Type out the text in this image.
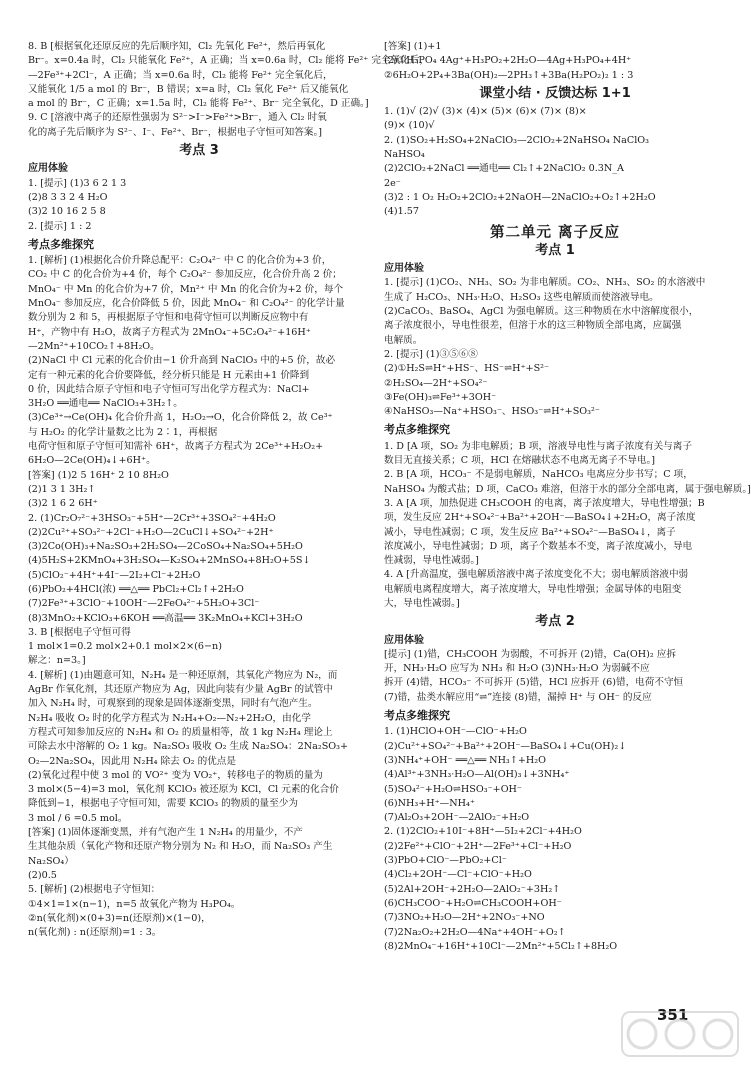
8. B [根据氧化还原反应的先后顺序知，Cl₂ 先氧化 Fe²⁺，然后再氧化
Br⁻。x=0.4a 时，Cl₂ 只能氧化 Fe²⁺，A 正确；当 x=0.6a 时，Cl₂ 能将 Fe²⁺ 完全氧化后，
—2Fe³⁺+2Cl⁻，A 正确；当 x=0.6a 时，Cl₂ 能将 Fe²⁺ 完全氧化后，
又能氧化 1/5 a mol 的 Br⁻，B 错误；x=a 时，Cl₂ 氧化 Fe²⁺ 后又能氧化
a mol 的 Br⁻，C 正确；x=1.5a 时，Cl₂ 能将 Fe²⁺、Br⁻ 完全氧化，D 正确。]
9. C [溶液中离子的还原性强弱为 S²⁻>I⁻>Fe²⁺>Br⁻，通入 Cl₂ 时氧
化的离子先后顺序为 S²⁻、I⁻、Fe²⁺、Br⁻，根据电子守恒可知答案。]
考点 3
应用体验
1. [提示] (1)3 6 2 1 3
(2)8 3 3 2 4 H₂O
(3)2 10 16 2 5 8
2. [提示] 1 : 2
考点多维探究
1. [解析] (1)根据化合价升降总配平：C₂O₄²⁻ 中 C 的化合价为+3 价，
CO₂ 中 C 的化合价为+4 价，每个 C₂O₄²⁻ 参加反应，化合价升高 2 价；
MnO₄⁻ 中 Mn 的化合价为+7 价，Mn²⁺ 中 Mn 的化合价为+2 价，每个
MnO₄⁻ 参加反应，化合价降低 5 价，因此 MnO₄⁻ 和 C₂O₄²⁻ 的化学计量
数分别为 2 和 5，再根据原子守恒和电荷守恒可以判断反应物中有
H⁺，产物中有 H₂O，故离子方程式为 2MnO₄⁻+5C₂O₄²⁻+16H⁺
—2Mn²⁺+10CO₂↑+8H₂O。
(2)NaCl 中 Cl 元素的化合价由−1 价升高到 NaClO₃ 中的+5 价，故必
定有一种元素的化合价要降低，经分析只能是 H 元素由+1 价降到
0 价，因此结合原子守恒和电子守恒可写出化学方程式为：NaCl+
3H₂O ══通电══ NaClO₃+3H₂↑。
(3)Ce³⁺→Ce(OH)₄ 化合价升高 1，H₂O₂→O，化合价降低 2，故 Ce³⁺
与 H₂O₂ 的化学计量数之比为 2∶1，再根据
电荷守恒和原子守恒可知需补 6H⁺，故离子方程式为 2Ce³⁺+H₂O₂+
6H₂O—2Ce(OH)₄↓+6H⁺。
[答案] (1)2 5 16H⁺ 2 10 8H₂O
(2)1 3 1 3H₂↑
(3)2 1 6 2 6H⁺
2. (1)Cr₂O₇²⁻+3HSO₃⁻+5H⁺—2Cr³⁺+3SO₄²⁻+4H₂O
(2)2Cu²⁺+SO₃²⁻+2Cl⁻+H₂O—2CuCl↓+SO₄²⁻+2H⁺
(3)2Co(OH)₃+Na₂SO₃+2H₂SO₄—2CoSO₄+Na₂SO₄+5H₂O
(4)5H₂S+2KMnO₄+3H₂SO₄—K₂SO₄+2MnSO₄+8H₂O+5S↓
(5)ClO₂⁻+4H⁺+4I⁻—2I₂+Cl⁻+2H₂O
(6)PbO₂+4HCl(浓) ══△══ PbCl₂+Cl₂↑+2H₂O
(7)2Fe³⁺+3ClO⁻+10OH⁻—2FeO₄²⁻+5H₂O+3Cl⁻
(8)3MnO₂+KClO₃+6KOH ══高温══ 3K₂MnO₄+KCl+3H₂O
3. B [根据电子守恒可得
1 mol×1=0.2 mol×2+0.1 mol×2×(6−n)
解之：n=3。]
4. [解析] (1)由题意可知，N₂H₄ 是一种还原剂，其氧化产物应为 N₂，而
AgBr 作氧化剂，其还原产物应为 Ag，因此向装有少量 AgBr 的试管中
加入 N₂H₄ 时，可观察到的现象是固体逐渐变黑，同时有气泡产生。
N₂H₄ 吸收 O₂ 时的化学方程式为 N₂H₄+O₂—N₂+2H₂O，由化学
方程式可知参加反应的 N₂H₄ 和 O₂ 的质量相等，故 1 kg N₂H₄ 理论上
可除去水中溶解的 O₂ 1 kg。Na₂SO₃ 吸收 O₂ 生成 Na₂SO₄：2Na₂SO₃+
O₂—2Na₂SO₄，因此用 N₂H₄ 除去 O₂ 的优点是
(2)氧化过程中使 3 mol 的 VO²⁺ 变为 VO₂⁺，转移电子的物质的量为
3 mol×(5−4)=3 mol，氧化剂 KClO₃ 被还原为 KCl，Cl 元素的化合价
降低到−1，根据电子守恒可知，需要 KClO₃ 的物质的量至少为
3 mol / 6 =0.5 mol。
[答案] (1)固体逐渐变黑，并有气泡产生 1 N₂H₄ 的用量少，不产
生其他杂质（氧化产物和还原产物分别为 N₂ 和 H₂O，而 Na₂SO₃ 产生
Na₂SO₄）
(2)0.5
5. [解析] (2)根据电子守恒知：
①4×1=1×(n−1)，n=5 故氧化产物为 H₃PO₄。
②n(氧化剂)×(0+3)=n(还原剂)×(1−0)，
n(氧化剂) : n(还原剂)=1 : 3。
[答案] (1)+1
(2)①H₃PO₄ 4Ag⁺+H₃PO₂+2H₂O—4Ag+H₃PO₄+4H⁺
②6H₂O+2P₄+3Ba(OH)₂—2PH₃↑+3Ba(H₂PO₂)₂ 1 : 3
课堂小结 · 反馈达标 1+1
1. (1)√ (2)√ (3)× (4)× (5)× (6)× (7)× (8)×
(9)× (10)√
2. (1)SO₂+H₂SO₄+2NaClO₃—2ClO₂+2NaHSO₄ NaClO₃
NaHSO₄
(2)2ClO₂+2NaCl ══通电══ Cl₂↑+2NaClO₂ 0.3N_A
2e⁻
(3)2 : 1 O₂ H₂O₂+2ClO₂+2NaOH—2NaClO₂+O₂↑+2H₂O
(4)1.57
第二单元 离子反应
考点 1
应用体验
1. [提示] (1)CO₂、NH₃、SO₂ 为非电解质。CO₂、NH₃、SO₂ 的水溶液中
生成了 H₂CO₃、NH₃·H₂O、H₂SO₃ 这些电解质而使溶液导电。
(2)CaCO₃、BaSO₄、AgCl 为强电解质。这三种物质在水中溶解度很小，
离子浓度很小，导电性很差，但溶于水的这三种物质全部电离，应属强
电解质。
2. [提示] (1)③⑤⑥⑧
(2)①H₂S⇌H⁺+HS⁻、HS⁻⇌H⁺+S²⁻
②H₂SO₄—2H⁺+SO₄²⁻
③Fe(OH)₃⇌Fe³⁺+3OH⁻
④NaHSO₃—Na⁺+HSO₃⁻、HSO₃⁻⇌H⁺+SO₃²⁻
考点多维探究
1. D [A 项，SO₂ 为非电解质；B 项，溶液导电性与离子浓度有关与离子
数目无直接关系；C 项，HCl 在熔融状态不电离无离子不导电。]
2. B [A 项，HCO₃⁻ 不是弱电解质，NaHCO₃ 电离应分步书写；C 项，
NaHSO₄ 为酸式盐；D 项，CaCO₃ 难溶，但溶于水的部分全部电离，属于强电解质。]
3. A [A 项，加热促进 CH₃COOH 的电离，离子浓度增大，导电性增强；B
项，发生反应 2H⁺+SO₄²⁻+Ba²⁺+2OH⁻—BaSO₄↓+2H₂O，离子浓度
减小，导电性减弱；C 项，发生反应 Ba²⁺+SO₄²⁻—BaSO₄↓，离子
浓度减小，导电性减弱；D 项，离子个数基本不变，离子浓度减小，导电
性减弱，导电性减弱。]
4. A [升高温度，强电解质溶液中离子浓度变化不大；弱电解质溶液中弱
电解质电离程度增大，离子浓度增大，导电性增强；金属导体的电阻变
大，导电性减弱。]
考点 2
应用体验
[提示] (1)错，CH₃COOH 为弱酸，不可拆开 (2)错，Ca(OH)₂ 应拆
开，NH₃·H₂O 应写为 NH₃ 和 H₂O (3)NH₃·H₂O 为弱碱不应
拆开 (4)错，HCO₃⁻ 不可拆开 (5)错，HCl 应拆开 (6)错，电荷不守恒
(7)错，盐类水解应用“⇌”连接 (8)错，漏掉 H⁺ 与 OH⁻ 的反应
考点多维探究
1. (1)HClO+OH⁻—ClO⁻+H₂O
(2)Cu²⁺+SO₄²⁻+Ba²⁺+2OH⁻—BaSO₄↓+Cu(OH)₂↓
(3)NH₄⁺+OH⁻ ══△══ NH₃↑+H₂O
(4)Al³⁺+3NH₃·H₂O—Al(OH)₃↓+3NH₄⁺
(5)SO₄²⁻+H₂O⇌HSO₃⁻+OH⁻
(6)NH₃+H⁺—NH₄⁺
(7)Al₂O₃+2OH⁻—2AlO₂⁻+H₂O
2. (1)2ClO₂+10I⁻+8H⁺—5I₂+2Cl⁻+4H₂O
(2)2Fe²⁺+ClO⁻+2H⁺—2Fe³⁺+Cl⁻+H₂O
(3)PbO+ClO⁻—PbO₂+Cl⁻
(4)Cl₂+2OH⁻—Cl⁻+ClO⁻+H₂O
(5)2Al+2OH⁻+2H₂O—2AlO₂⁻+3H₂↑
(6)CH₃COO⁻+H₂O⇌CH₃COOH+OH⁻
(7)3NO₂+H₂O—2H⁺+2NO₃⁻+NO
(7)2Na₂O₂+2H₂O—4Na⁺+4OH⁻+O₂↑
(8)2MnO₄⁻+16H⁺+10Cl⁻—2Mn²⁺+5Cl₂↑+8H₂O
351
